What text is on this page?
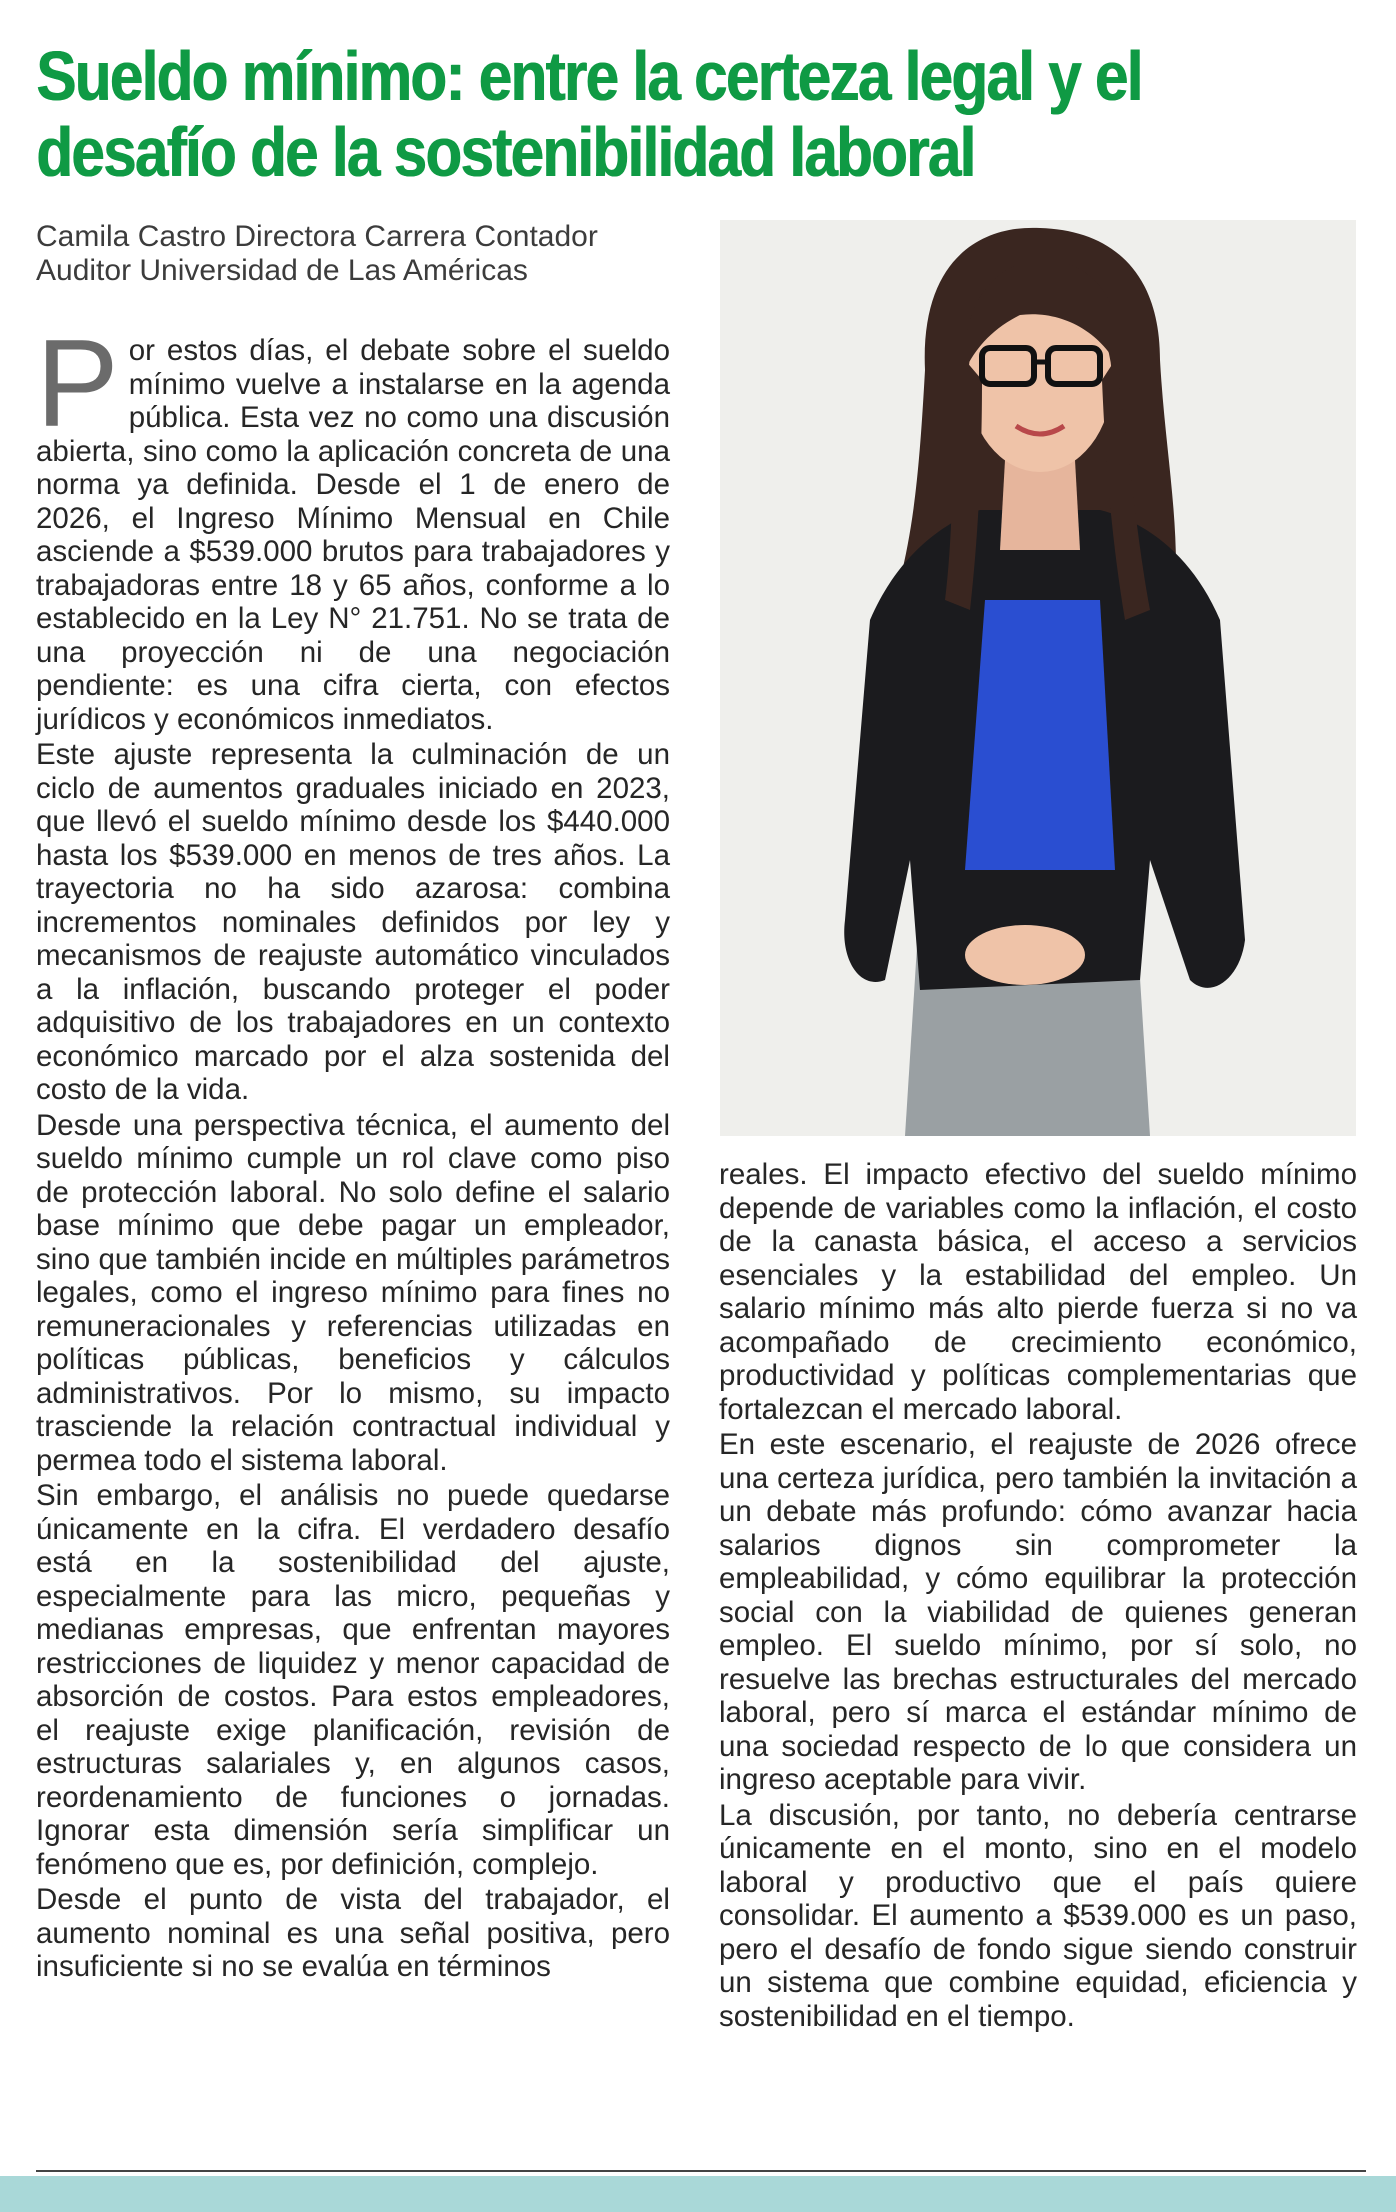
Sueldo mínimo: entre la certeza legal y el desafío de la sostenibilidad laboral
Camila Castro Directora Carrera Contador Auditor Universidad de Las Américas

Por estos días, el debate sobre el sueldo mínimo vuelve a instalarse en la agenda pública. Esta vez no como una discusión abierta, sino como la aplicación concreta de una norma ya definida. Desde el 1 de enero de 2026, el Ingreso Mínimo Mensual en Chile asciende a $539.000 brutos para trabajadores y trabajadoras entre 18 y 65 años, conforme a lo establecido en la Ley N° 21.751. No se trata de una proyección ni de una negociación pendiente: es una cifra cierta, con efectos jurídicos y económicos inmediatos.

Este ajuste representa la culminación de un ciclo de aumentos graduales iniciado en 2023, que llevó el sueldo mínimo desde los $440.000 hasta los $539.000 en menos de tres años. La trayectoria no ha sido azarosa: combina incrementos nominales definidos por ley y mecanismos de reajuste automático vinculados a la inflación, buscando proteger el poder adquisitivo de los trabajadores en un contexto económico marcado por el alza sostenida del costo de la vida.

Desde una perspectiva técnica, el aumento del sueldo mínimo cumple un rol clave como piso de protección laboral. No solo define el salario base mínimo que debe pagar un empleador, sino que también incide en múltiples parámetros legales, como el ingreso mínimo para fines no remuneracionales y referencias utilizadas en políticas públicas, beneficios y cálculos administrativos. Por lo mismo, su impacto trasciende la relación contractual individual y permea todo el sistema laboral.

Sin embargo, el análisis no puede quedarse únicamente en la cifra. El verdadero desafío está en la sostenibilidad del ajuste, especialmente para las micro, pequeñas y medianas empresas, que enfrentan mayores restricciones de liquidez y menor capacidad de absorción de costos. Para estos empleadores, el reajuste exige planificación, revisión de estructuras salariales y, en algunos casos, reordenamiento de funciones o jornadas. Ignorar esta dimensión sería simplificar un fenómeno que es, por definición, complejo.

Desde el punto de vista del trabajador, el aumento nominal es una señal positiva, pero insuficiente si no se evalúa en términos

reales. El impacto efectivo del sueldo mínimo depende de variables como la inflación, el costo de la canasta básica, el acceso a servicios esenciales y la estabilidad del empleo. Un salario mínimo más alto pierde fuerza si no va acompañado de crecimiento económico, productividad y políticas complementarias que fortalezcan el mercado laboral.

En este escenario, el reajuste de 2026 ofrece una certeza jurídica, pero también la invitación a un debate más profundo: cómo avanzar hacia salarios dignos sin comprometer la empleabilidad, y cómo equilibrar la protección social con la viabilidad de quienes generan empleo. El sueldo mínimo, por sí solo, no resuelve las brechas estructurales del mercado laboral, pero sí marca el estándar mínimo de una sociedad respecto de lo que considera un ingreso aceptable para vivir.

La discusión, por tanto, no debería centrarse únicamente en el monto, sino en el modelo laboral y productivo que el país quiere consolidar. El aumento a $539.000 es un paso, pero el desafío de fondo sigue siendo construir un sistema que combine equidad, eficiencia y sostenibilidad en el tiempo.
